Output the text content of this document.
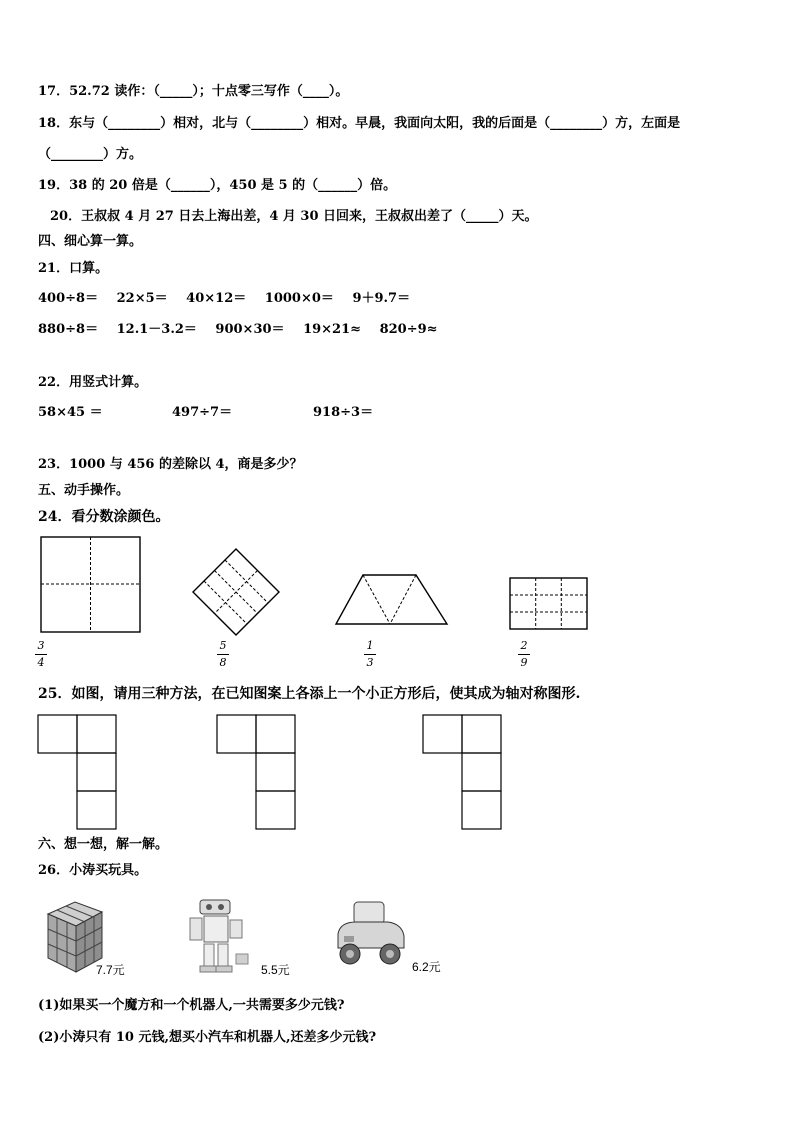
17．52.72 读作：（_____）；十点零三写作（____）。
18．东与（________）相对，北与（________）相对。早晨，我面向太阳，我的后面是（________）方，左面是
（________）方。
19．38 的 20 倍是（______），450 是 5 的（______）倍。
20．王叔叔 4 月 27 日去上海出差，4 月 30 日回来，王叔叔出差了（_____）天。
四、细心算一算。
21．口算。
400÷8＝ 22×5＝ 40×12＝ 1000×0＝ 9＋9.7＝
880÷8＝ 12.1－3.2＝ 900×30＝ 19×21≈ 820÷9≈
22．用竖式计算。
58×45 ＝	497÷7＝	918÷3＝
23．1000 与 456 的差除以 4，商是多少？
五、动手操作。
24．看分数涂颜色。
3
4
5
8
1
3
2
9
25．如图，请用三种方法，在已知图案上各添上一个小正方形后，使其成为轴对称图形.
六、想一想，解一解。
26．小涛买玩具。
7.7元	5.5元	6.2元
(1)如果买一个魔方和一个机器人,一共需要多少元钱?
(2)小涛只有 10 元钱,想买小汽车和机器人,还差多少元钱?
